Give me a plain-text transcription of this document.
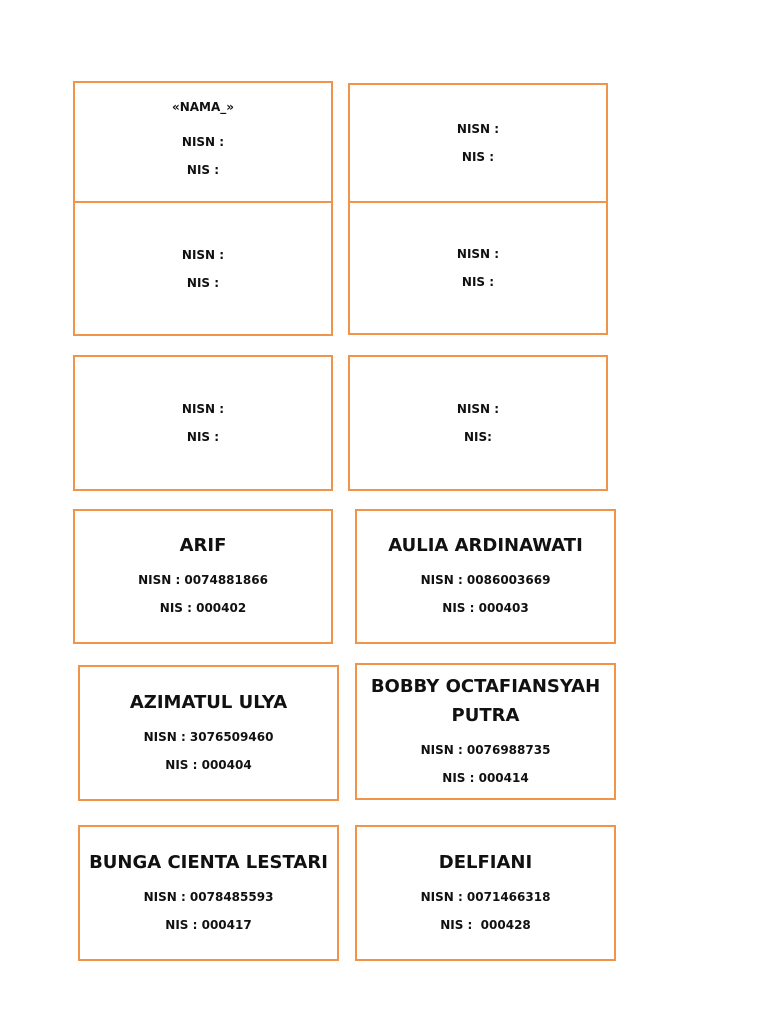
«NAMA_»
NISN :
NIS :
NISN :
NIS :
NISN :
NIS :
NISN :
NIS :
NISN :
NIS :
NISN :
NIS:
ARIF
NISN : 0074881866
NIS : 000402
AULIA ARDINAWATI
NISN : 0086003669
NIS : 000403
AZIMATUL ULYA
NISN : 3076509460
NIS : 000404
BOBBY OCTAFIANSYAH PUTRA
NISN : 0076988735
NIS : 000414
BUNGA CIENTA LESTARI
NISN : 0078485593
NIS : 000417
DELFIANI
NISN : 0071466318
NIS :  000428
